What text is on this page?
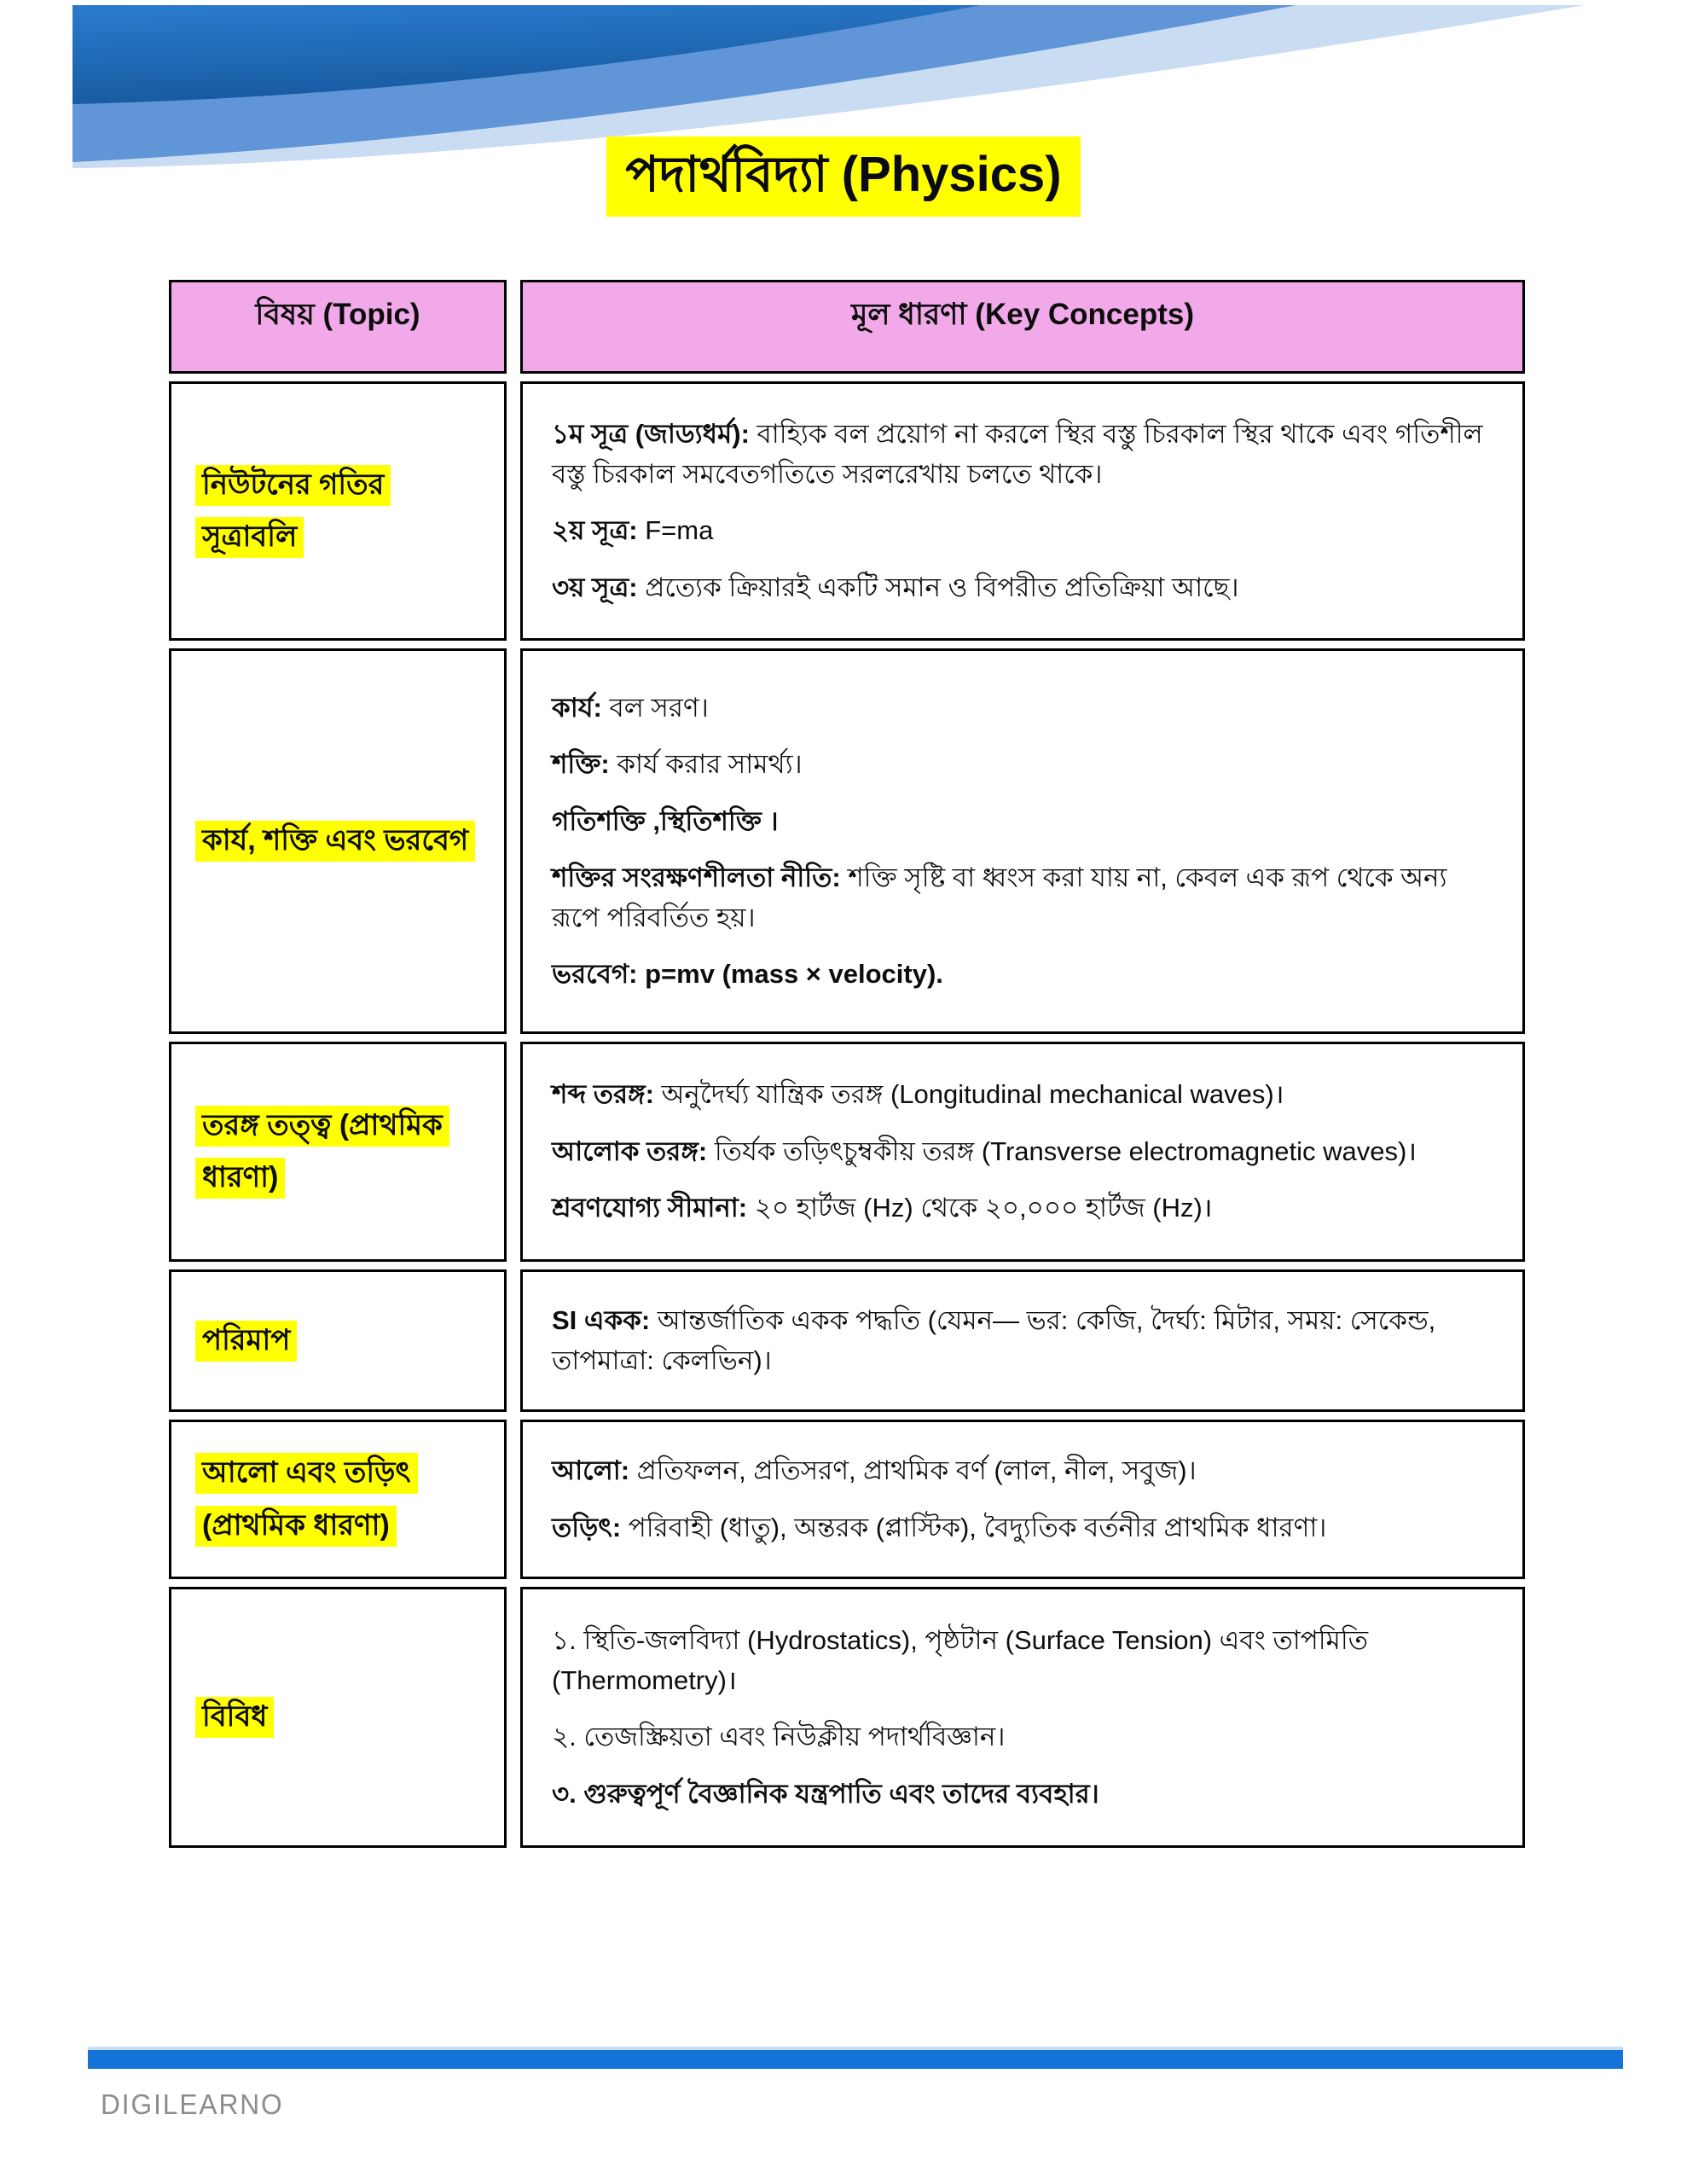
পদার্থবিদ্যা (Physics)
বিষয় (Topic)	মূল ধারণা (Key Concepts)
নিউটনের গতির সূত্রাবলি	১ম সূত্র (জাড্যধর্ম): বাহ্যিক বল প্রয়োগ না করলে স্থির বস্তু চিরকাল স্থির থাকে এবং গতিশীল বস্তু চিরকাল সমবেতগতিতে সরলরেখায় চলতে থাকে।

২য় সূত্র: F=ma

৩য় সূত্র: প্রত্যেক ক্রিয়ারই একটি সমান ও বিপরীত প্রতিক্রিয়া আছে।

কার্য, শক্তি এবং ভরবেগ	কার্য: বল সরণ।

শক্তি: কার্য করার সামর্থ্য।

গতিশক্তি ,স্থিতিশক্তি ।

শক্তির সংরক্ষণশীলতা নীতি: শক্তি সৃষ্টি বা ধ্বংস করা যায় না, কেবল এক রূপ থেকে অন্য রূপে পরিবর্তিত হয়।

ভরবেগ: p=mv (mass × velocity).

তরঙ্গ তত্ত্ব (প্রাথমিক ধারণা)	শব্দ তরঙ্গ: অনুদৈর্ঘ্য যান্ত্রিক তরঙ্গ (Longitudinal mechanical waves)।

আলোক তরঙ্গ: তির্যক তড়িৎচুম্বকীয় তরঙ্গ (Transverse electromagnetic waves)।

শ্রবণযোগ্য সীমানা: ২০ হার্টজ (Hz) থেকে ২০,০০০ হার্টজ (Hz)।

পরিমাপ	SI একক: আন্তর্জাতিক একক পদ্ধতি (যেমন— ভর: কেজি, দৈর্ঘ্য: মিটার, সময়: সেকেন্ড, তাপমাত্রা: কেলভিন)।

আলো এবং তড়িৎ (প্রাথমিক ধারণা)	আলো: প্রতিফলন, প্রতিসরণ, প্রাথমিক বর্ণ (লাল, নীল, সবুজ)।

তড়িৎ: পরিবাহী (ধাতু), অন্তরক (প্লাস্টিক), বৈদ্যুতিক বর্তনীর প্রাথমিক ধারণা।

বিবিধ	১. স্থিতি-জলবিদ্যা (Hydrostatics), পৃষ্ঠটান (Surface Tension) এবং তাপমিতি (Thermometry)।

২. তেজস্ক্রিয়তা এবং নিউক্লীয় পদার্থবিজ্ঞান।

৩. গুরুত্বপূর্ণ বৈজ্ঞানিক যন্ত্রপাতি এবং তাদের ব্যবহার।

DIGILEARNO
